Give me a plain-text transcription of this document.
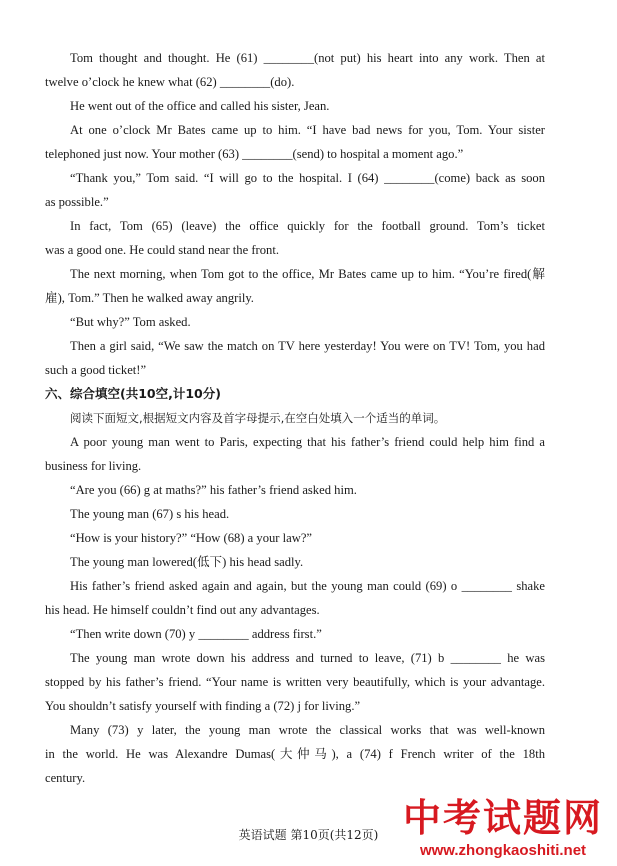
Tom thought and thought. He (61) ________(not put) his heart into any work. Then at
twelve o’clock he knew what (62) ________(do).
He went out of the office and called his sister, Jean.
At one o’clock Mr Bates came up to him. “I have bad news for you, Tom. Your sister
telephoned just now. Your mother (63) ________(send) to hospital a moment ago.”
“Thank you,” Tom said. “I will go to the hospital. I (64) ________(come) back as soon
as possible.”
In fact, Tom (65) (leave) the office quickly for the football ground. Tom’s ticket
was a good one. He could stand near the front.
The next morning, when Tom got to the office, Mr Bates came up to him. “You’re fired(解
雇), Tom.” Then he walked away angrily.
“But why?” Tom asked.
Then a girl said, “We saw the match on TV here yesterday! You were on TV! Tom, you had
such a good ticket!”
六、综合填空(共10空,计10分)
阅读下面短文,根据短文内容及首字母提示,在空白处填入一个适当的单词。
A poor young man went to Paris, expecting that his father’s friend could help him find a
business for living.
“Are you (66) g at maths?” his father’s friend asked him.
The young man (67) s his head.
“How is your history?” “How (68) a your law?”
The young man lowered(低下) his head sadly.
His father’s friend asked again and again, but the young man could (69) o ________ shake
his head. He himself couldn’t find out any advantages.
“Then write down (70) y ________ address first.”
The young man wrote down his address and turned to leave, (71) b ________ he was
stopped by his father’s friend. “Your name is written very beautifully, which is your advantage.
You shouldn’t satisfy yourself with finding a (72) j for living.”
Many (73) y later, the young man wrote the classical works that was well-known
in the world. He was Alexandre Dumas(大仲马), a (74) f French writer of the 18th
century.
英语试题 第10页(共12页) 中考试题网
www.zhongkaoshiti.net
